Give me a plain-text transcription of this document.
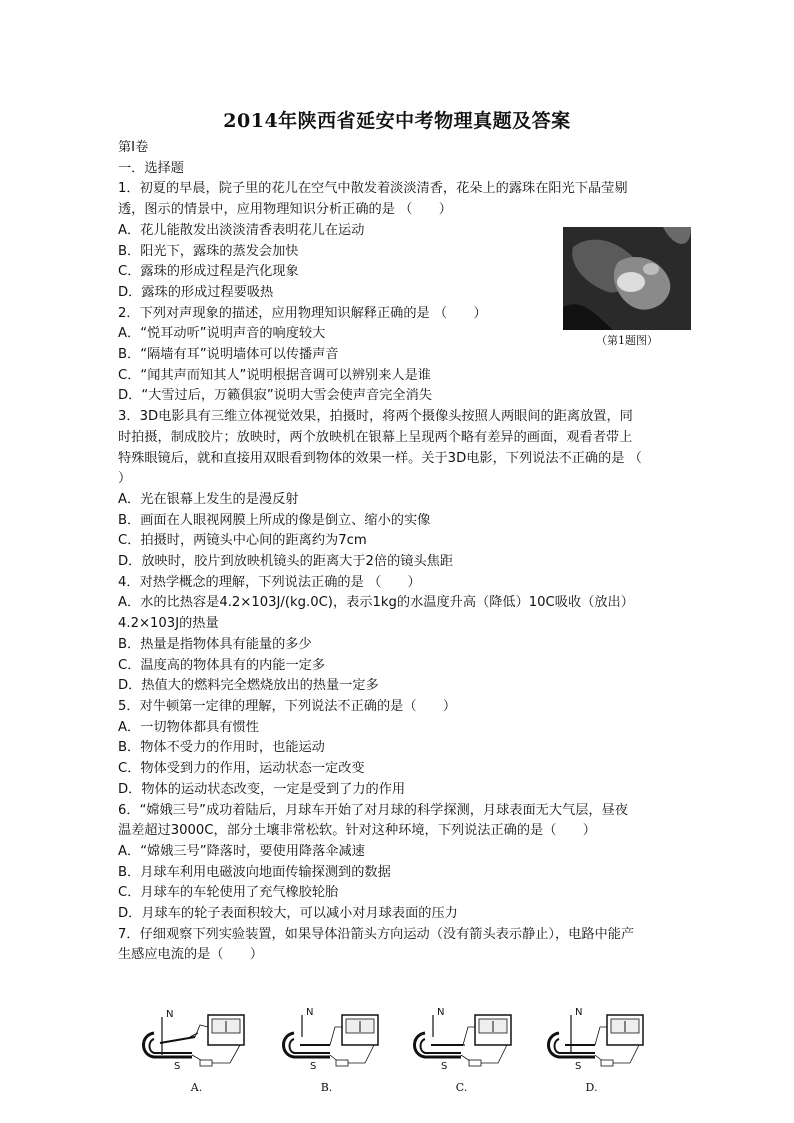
2014年陕西省延安中考物理真题及答案
第Ⅰ卷
一．选择题
1．初夏的早晨，院子里的花儿在空气中散发着淡淡清香，花朵上的露珠在阳光下晶莹剔
透，图示的情景中，应用物理知识分析正确的是 （　　）
A．花儿能散发出淡淡清香表明花儿在运动
B．阳光下，露珠的蒸发会加快
C．露珠的形成过程是汽化现象
D．露珠的形成过程要吸热
2．下列对声现象的描述，应用物理知识解释正确的是 （　　）
A．“悦耳动听”说明声音的响度较大
B．“隔墙有耳”说明墙体可以传播声音
C．“闻其声而知其人”说明根据音调可以辨别来人是谁
D．“大雪过后，万籁俱寂”说明大雪会使声音完全消失
3．3D电影具有三维立体视觉效果，拍摄时，将两个摄像头按照人两眼间的距离放置，同
时拍摄，制成胶片；放映时，两个放映机在银幕上呈现两个略有差异的画面，观看者带上
特殊眼镜后，就和直接用双眼看到物体的效果一样。关于3D电影，下列说法不正确的是 （
）
A．光在银幕上发生的是漫反射
B．画面在人眼视网膜上所成的像是倒立、缩小的实像
C．拍摄时，两镜头中心间的距离约为7cm
D．放映时，胶片到放映机镜头的距离大于2倍的镜头焦距
4．对热学概念的理解，下列说法正确的是 （　　）
A．水的比热容是4.2×103J/(kg.0C)，表示1kg的水温度升高（降低）10C吸收（放出）
4.2×103J的热量
B．热量是指物体具有能量的多少
C．温度高的物体具有的内能一定多
D．热值大的燃料完全燃烧放出的热量一定多
5．对牛顿第一定律的理解，下列说法不正确的是（　　）
A．一切物体都具有惯性
B．物体不受力的作用时，也能运动
C．物体受到力的作用，运动状态一定改变
D．物体的运动状态改变，一定是受到了力的作用
6．“嫦娥三号”成功着陆后，月球车开始了对月球的科学探测，月球表面无大气层，昼夜
温差超过3000C，部分土壤非常松软。针对这种环境，下列说法正确的是（　　）
A．“嫦娥三号”降落时，要使用降落伞减速
B．月球车利用电磁波向地面传输探测到的数据
C．月球车的车轮使用了充气橡胶轮胎
D．月球车的轮子表面积较大，可以减小对月球表面的压力
7．仔细观察下列实验装置，如果导体沿箭头方向运动（没有箭头表示静止），电路中能产
生感应电流的是（　　）
（第1题图）
N
S
A.
N
S
B.
N
S
C.
N
S
D.
